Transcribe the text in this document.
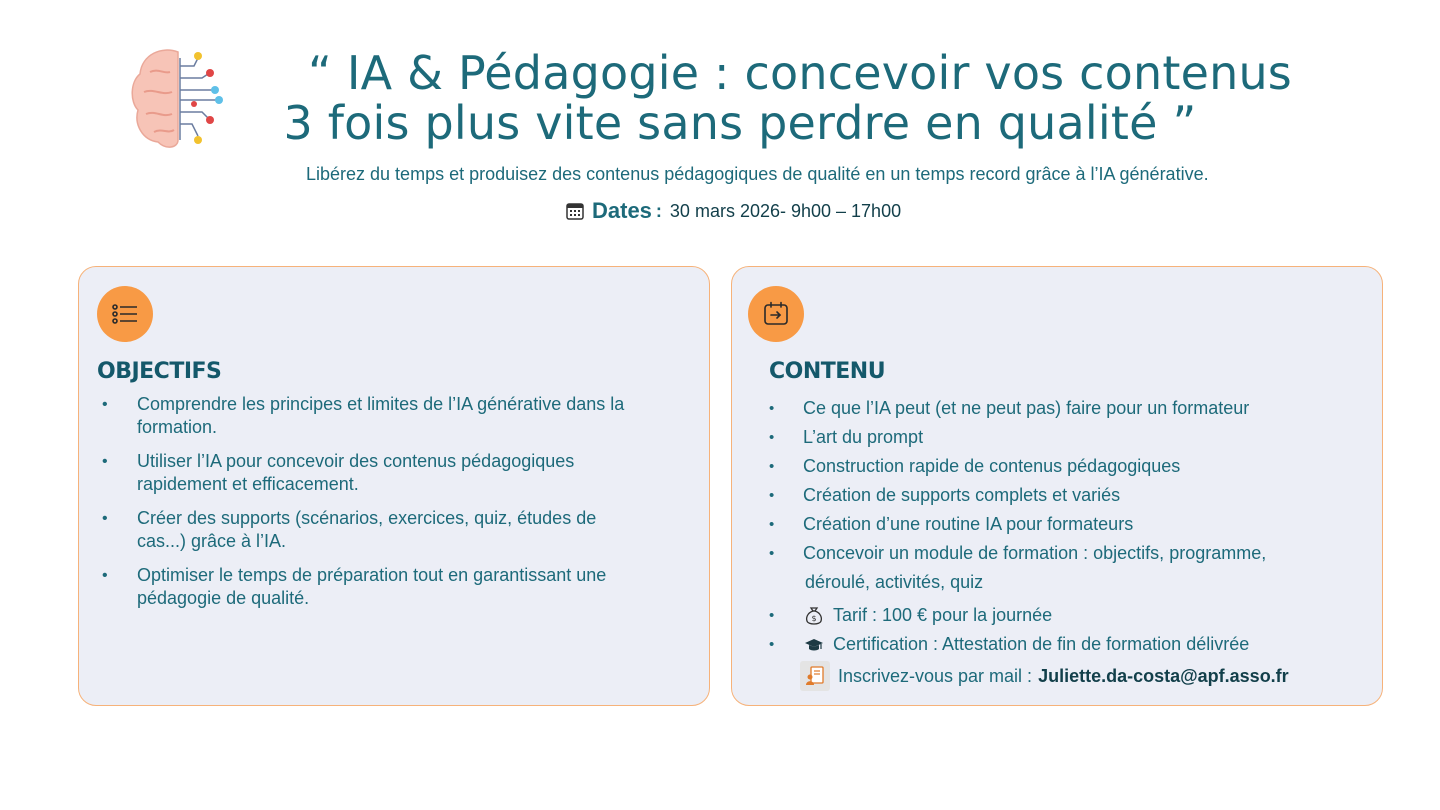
“ IA & Pédagogie : concevoir vos contenus
3 fois plus vite sans perdre en qualité ”
Libérez du temps et produisez des contenus pédagogiques de qualité en un temps record grâce à l’IA générative.
Dates : 30 mars 2026- 9h00 – 17h00
OBJECTIFS
• Comprendre les principes et limites de l’IA générative dans la
formation.
• Utiliser l’IA pour concevoir des contenus pédagogiques
rapidement et efficacement.
• Créer des supports (scénarios, exercices, quiz, études de
cas...) grâce à l’IA.
• Optimiser le temps de préparation tout en garantissant une
pédagogie de qualité.
CONTENU
• Ce que l’IA peut (et ne peut pas) faire pour un formateur
• L’art du prompt
• Construction rapide de contenus pédagogiques
• Création de supports complets et variés
• Création d’une routine IA pour formateurs
• Concevoir un module de formation : objectifs, programme,
déroulé, activités, quiz
• $ Tarif : 100 € pour la journée
• Certification : Attestation de fin de formation délivrée
Inscrivez-vous par mail : Juliette.da-costa@apf.asso.fr
